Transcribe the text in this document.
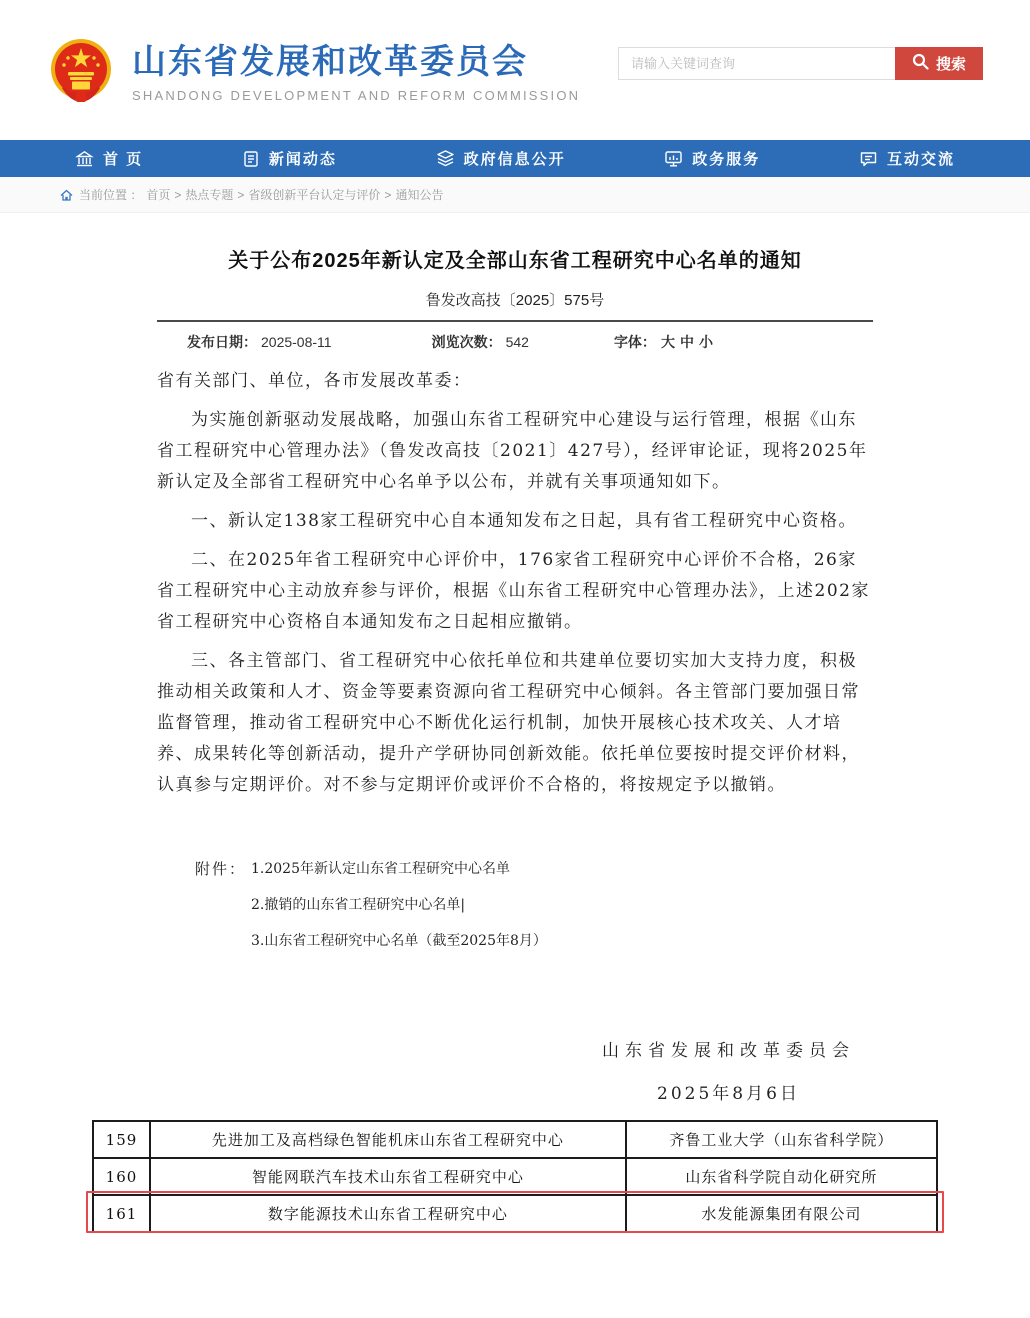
山东省发展和改革委员会
SHANDONG DEVELOPMENT AND REFORM COMMISSION
请输入关键词查询
搜索
首 页	新闻动态	政府信息公开	政务服务	互动交流
当前位置 ： 首页 > 热点专题 > 省级创新平台认定与评价 > 通知公告
关于公布2025年新认定及全部山东省工程研究中心名单的通知
鲁发改高技〔2025〕575号
发布日期： 2025-08-11	浏览次数： 542	字体： 大 中 小

省有关部门、单位，各市发展改革委：

为实施创新驱动发展战略，加强山东省工程研究中心建设与运行管理，根据《山东省工程研究中心管理办法》（鲁发改高技〔2021〕427号），经评审论证，现将2025年新认定及全部省工程研究中心名单予以公布，并就有关事项通知如下。

一、新认定138家工程研究中心自本通知发布之日起，具有省工程研究中心资格。

二、在2025年省工程研究中心评价中，176家省工程研究中心评价不合格，26家省工程研究中心主动放弃参与评价，根据《山东省工程研究中心管理办法》，上述202家省工程研究中心资格自本通知发布之日起相应撤销。

三、各主管部门、省工程研究中心依托单位和共建单位要切实加大支持力度，积极推动相关政策和人才、资金等要素资源向省工程研究中心倾斜。各主管部门要加强日常监督管理，推动省工程研究中心不断优化运行机制，加快开展核心技术攻关、人才培养、成果转化等创新活动，提升产学研协同创新效能。依托单位要按时提交评价材料，认真参与定期评价。对不参与定期评价或评价不合格的，将按规定予以撤销。

附件： 1.2025年新认定山东省工程研究中心名单
2.撤销的山东省工程研究中心名单|
3.山东省工程研究中心名单（截至2025年8月）
山东省发展和改革委员会
2025年8月6日
159	先进加工及高档绿色智能机床山东省工程研究中心	齐鲁工业大学（山东省科学院）
160	智能网联汽车技术山东省工程研究中心	山东省科学院自动化研究所
161	数字能源技术山东省工程研究中心	水发能源集团有限公司
